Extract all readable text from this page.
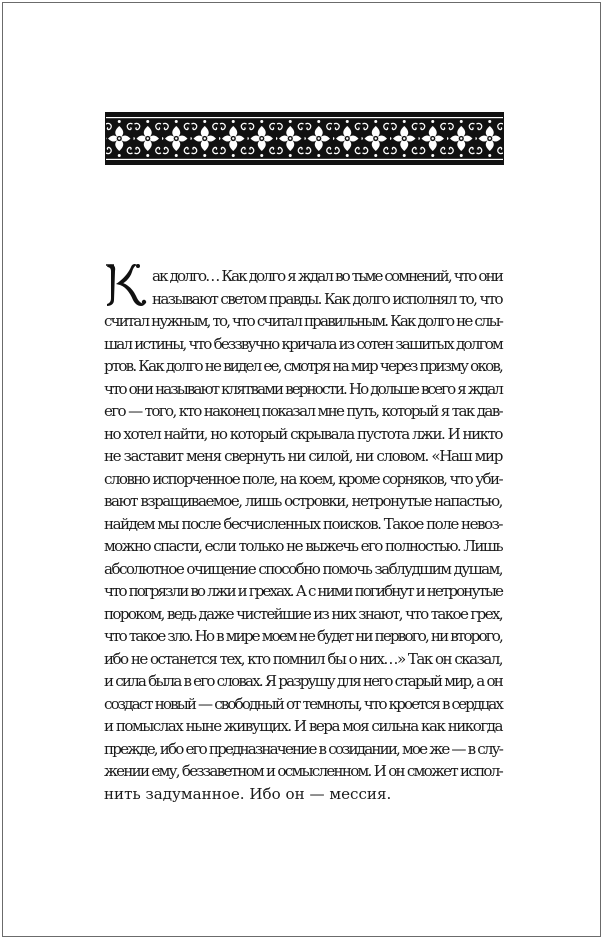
ак долго… Как долго я ждал во тьме сомнений, что они
называют светом правды. Как долго исполнял то, что
считал нужным, то, что считал правильным. Как долго не слы-
шал истины, что беззвучно кричала из сотен зашитых долгом
ртов. Как долго не видел ее, смотря на мир через призму оков,
что они называют клятвами верности. Но дольше всего я ждал
его — того, кто наконец показал мне путь, который я так дав-
но хотел найти, но который скрывала пустота лжи. И никто
не заставит меня свернуть ни силой, ни словом. «Наш мир
словно испорченное поле, на коем, кроме сорняков, что уби-
вают взращиваемое, лишь островки, нетронутые напастью,
найдем мы после бесчисленных поисков. Такое поле невоз-
можно спасти, если только не выжечь его полностью. Лишь
абсолютное очищение способно помочь заблудшим душам,
что погрязли во лжи и грехах. А с ними погибнут и нетронутые
пороком, ведь даже чистейшие из них знают, что такое грех,
что такое зло. Но в мире моем не будет ни первого, ни второго,
ибо не останется тех, кто помнил бы о них…» Так он сказал,
и сила была в его словах. Я разрушу для него старый мир, а он
создаст новый — свободный от темноты, что кроется в сердцах
и помыслах ныне живущих. И вера моя сильна как никогда
прежде, ибо его предназначение в созидании, мое же — в слу-
жении ему, беззаветном и осмысленном. И он сможет испол-
нить задуманное. Ибо он — мессия.
